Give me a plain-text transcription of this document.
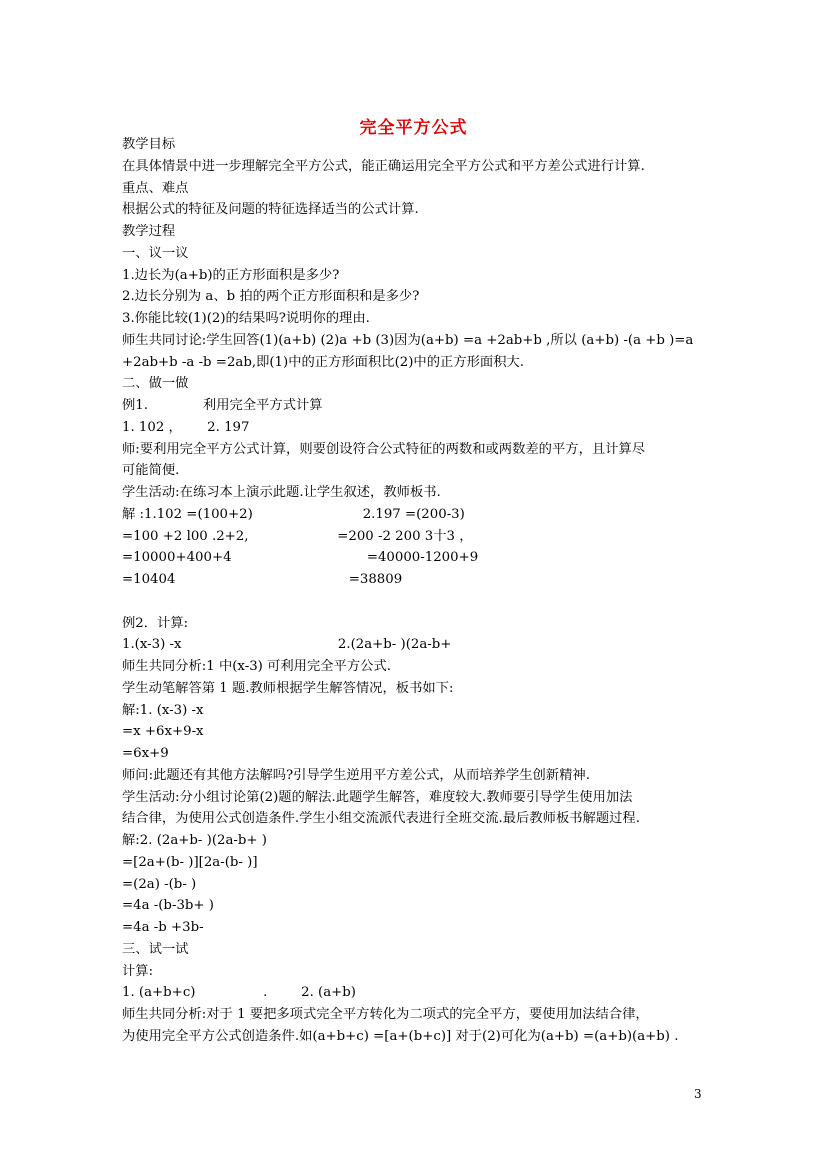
完全平方公式
教学目标
在具体情景中进一步理解完全平方公式，能正确运用完全平方公式和平方差公式进行计算.
重点、难点
根据公式的特征及问题的特征选择适当的公式计算.
教学过程
一、议一议
1.边长为(a+b)的正方形面积是多少?
2.边长分别为 a、b 拍的两个正方形面积和是多少?
3.你能比较(1)(2)的结果吗?说明你的理由.
师生共同讨论:学生回答(1)(a+b) (2)a +b (3)因为(a+b) =a +2ab+b ,所以 (a+b) -(a +b )=a
+2ab+b -a -b =2ab,即(1)中的正方形面积比(2)中的正方形面积大.
二、做一做
例1.             利用完全平方式计算
1. 102 ，      2. 197
师:要利用完全平方公式计算，则要创设符合公式特征的两数和或两数差的平方，且计算尽
可能简便.
学生活动:在练习本上演示此题.让学生叙述，教师板书.
解 :1.102 =(100+2)                          2.197 =(200-3)
=100 +2 l00 .2+2,                     =200 -2 200 3十3 ，
=10000+400+4                                =40000-1200+9
=10404                                         =38809
例2．计算:
1.(x-3) -x                                     2.(2a+b- )(2a-b+
师生共同分析:1 中(x-3) 可利用完全平方公式.
学生动笔解答第 1 题.教师根据学生解答情况，板书如下:
解:1. (x-3) -x
=x +6x+9-x
=6x+9
师问:此题还有其他方法解吗?引导学生逆用平方差公式，从而培养学生创新精神.
学生活动:分小组讨论第(2)题的解法.此题学生解答，难度较大.教师要引导学生使用加法
结合律，为使用公式创造条件.学生小组交流派代表进行全班交流.最后教师板书解题过程.
解:2. (2a+b- )(2a-b+ )
=[2a+(b- )][2a-(b- )]
=(2a) -(b- )
=4a -(b-3b+ )
=4a -b +3b-
三、试一试
计算:
1. (a+b+c)                .        2. (a+b)
师生共同分析:对于 1 要把多项式完全平方转化为二项式的完全平方，要使用加法结合律，
为使用完全平方公式创造条件.如(a+b+c) =[a+(b+c)] 对于(2)可化为(a+b) =(a+b)(a+b) .
3
